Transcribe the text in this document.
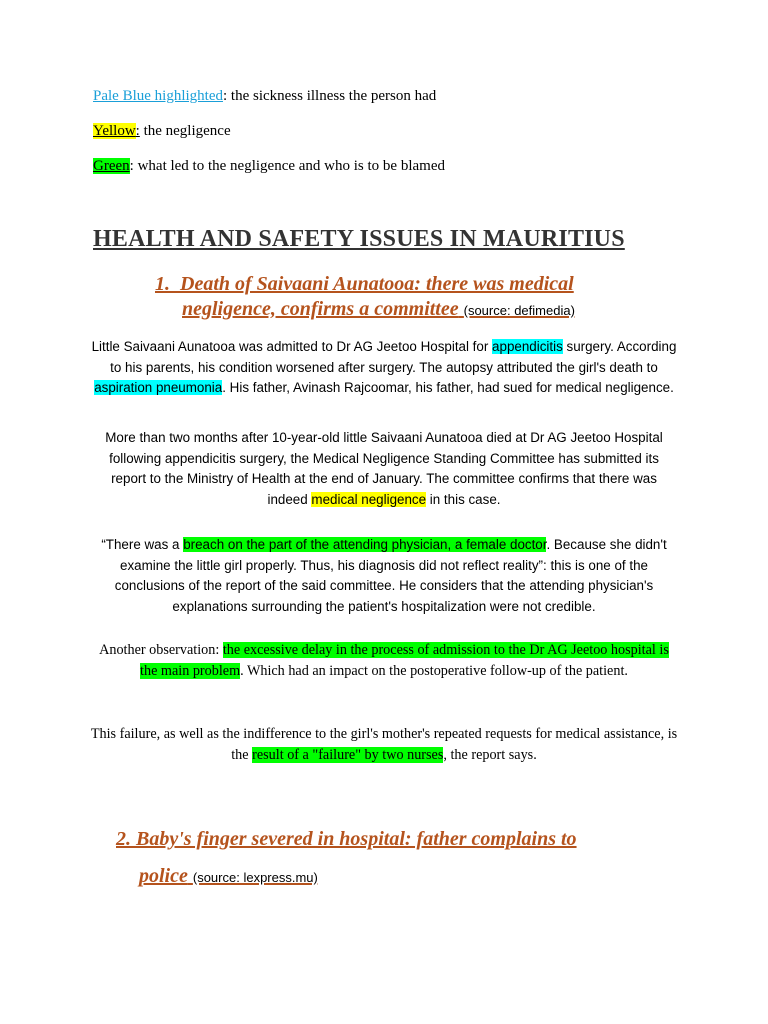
Pale Blue highlighted: the sickness illness the person had
Yellow: the negligence
Green: what led to the negligence and who is to be blamed
HEALTH AND SAFETY ISSUES IN MAURITIUS
1. Death of Saivaani Aunatooa: there was medical
negligence, confirms a committee (source: defimedia)

Little Saivaani Aunatooa was admitted to Dr AG Jeetoo Hospital for appendicitis surgery. According to his parents, his condition worsened after surgery. The autopsy attributed the girl's death to aspiration pneumonia. His father, Avinash Rajcoomar, his father, had sued for medical negligence.

More than two months after 10-year-old little Saivaani Aunatooa died at Dr AG Jeetoo Hospital following appendicitis surgery, the Medical Negligence Standing Committee has submitted its report to the Ministry of Health at the end of January. The committee confirms that there was indeed medical negligence in this case.

“There was a breach on the part of the attending physician, a female doctor. Because she didn't examine the little girl properly. Thus, his diagnosis did not reflect reality”: this is one of the conclusions of the report of the said committee. He considers that the attending physician's explanations surrounding the patient's hospitalization were not credible.

Another observation: the excessive delay in the process of admission to the Dr AG Jeetoo hospital is the main problem. Which had an impact on the postoperative follow-up of the patient.

This failure, as well as the indifference to the girl's mother's repeated requests for medical assistance, is the result of a "failure" by two nurses, the report says.

2. Baby's finger severed in hospital: father complains to
police (source: lexpress.mu)
